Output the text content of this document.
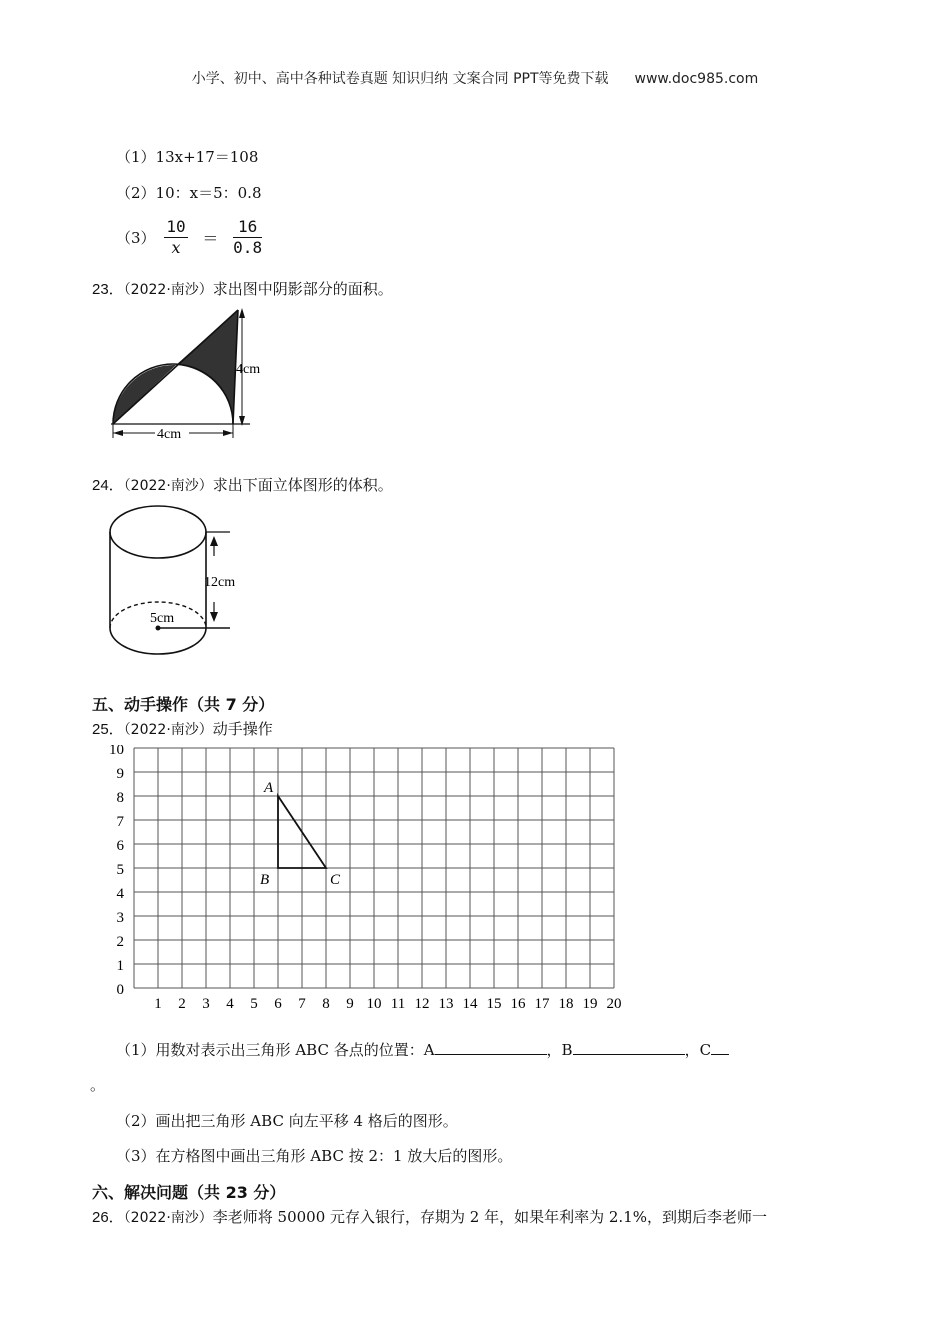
小学、初中、高中各种试卷真题 知识归纳 文案合同 PPT等免费下载 www.doc985.com
（1）13x+17＝108
（2）10：x＝5：0.8
$(3) \frac{10}{x} = \frac{16}{0.8}$
23．（2022·南沙）求出图中阴影部分的面积。
4cm
4cm
24．（2022·南沙）求出下面立体图形的体积。
5cm
12cm
五、动手操作（共 7 分）
25．（2022·南沙）动手操作
1 2 3 4 5 6 7 8 9 10 11 12 13 14 15 16 17 18 19 20
0
1
2
3
4
5
6
7
8
9
10
A
B	C
（1）用数对表示出三角形 ABC 各点的位置：A	，B	，C
。
（2）画出把三角形 ABC 向左平移 4 格后的图形。
（3）在方格图中画出三角形 ABC 按 2：1 放大后的图形。
六、解决问题（共 23 分）
26．（2022·南沙）李老师将 50000 元存入银行，存期为 2 年，如果年利率为 2.1%，到期后李老师一
